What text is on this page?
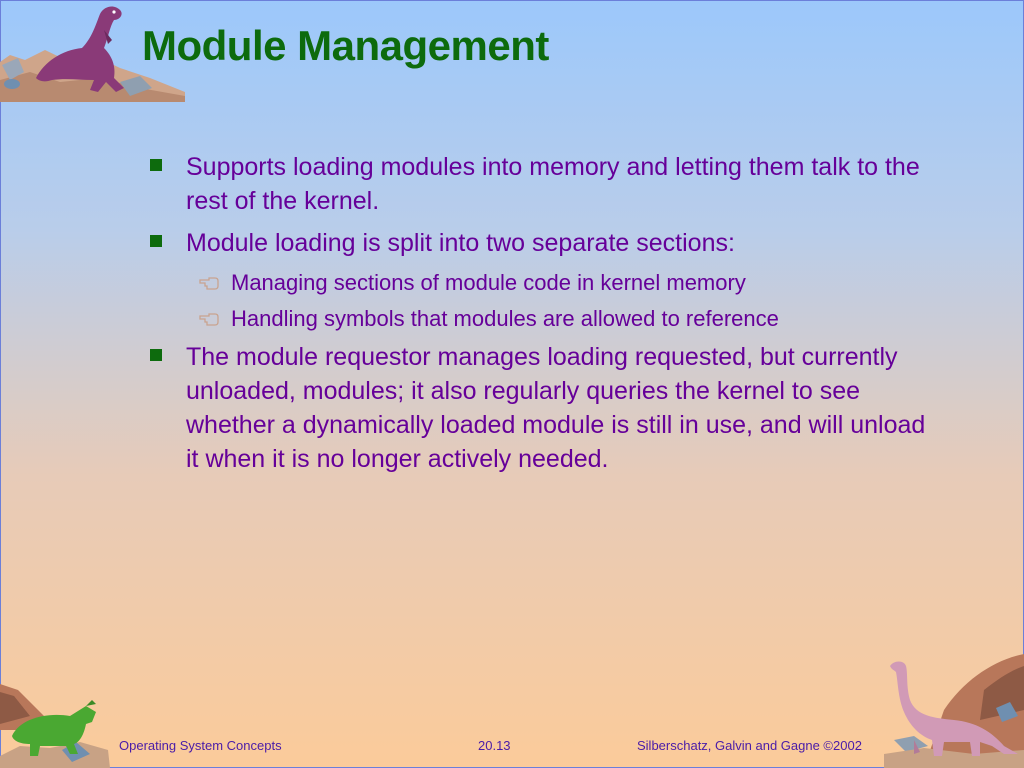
Module Management
Supports loading modules into memory and letting them talk to the rest of the kernel.
Module loading is split into two separate sections:
Managing sections of module code in kernel memory
Handling symbols that modules are allowed to reference
The module requestor manages loading requested, but currently unloaded, modules; it also regularly queries the kernel to see whether a dynamically loaded module is still in use, and will unload it when it is no longer actively needed.
Operating System Concepts	20.13	Silberschatz, Galvin and Gagne ©2002
